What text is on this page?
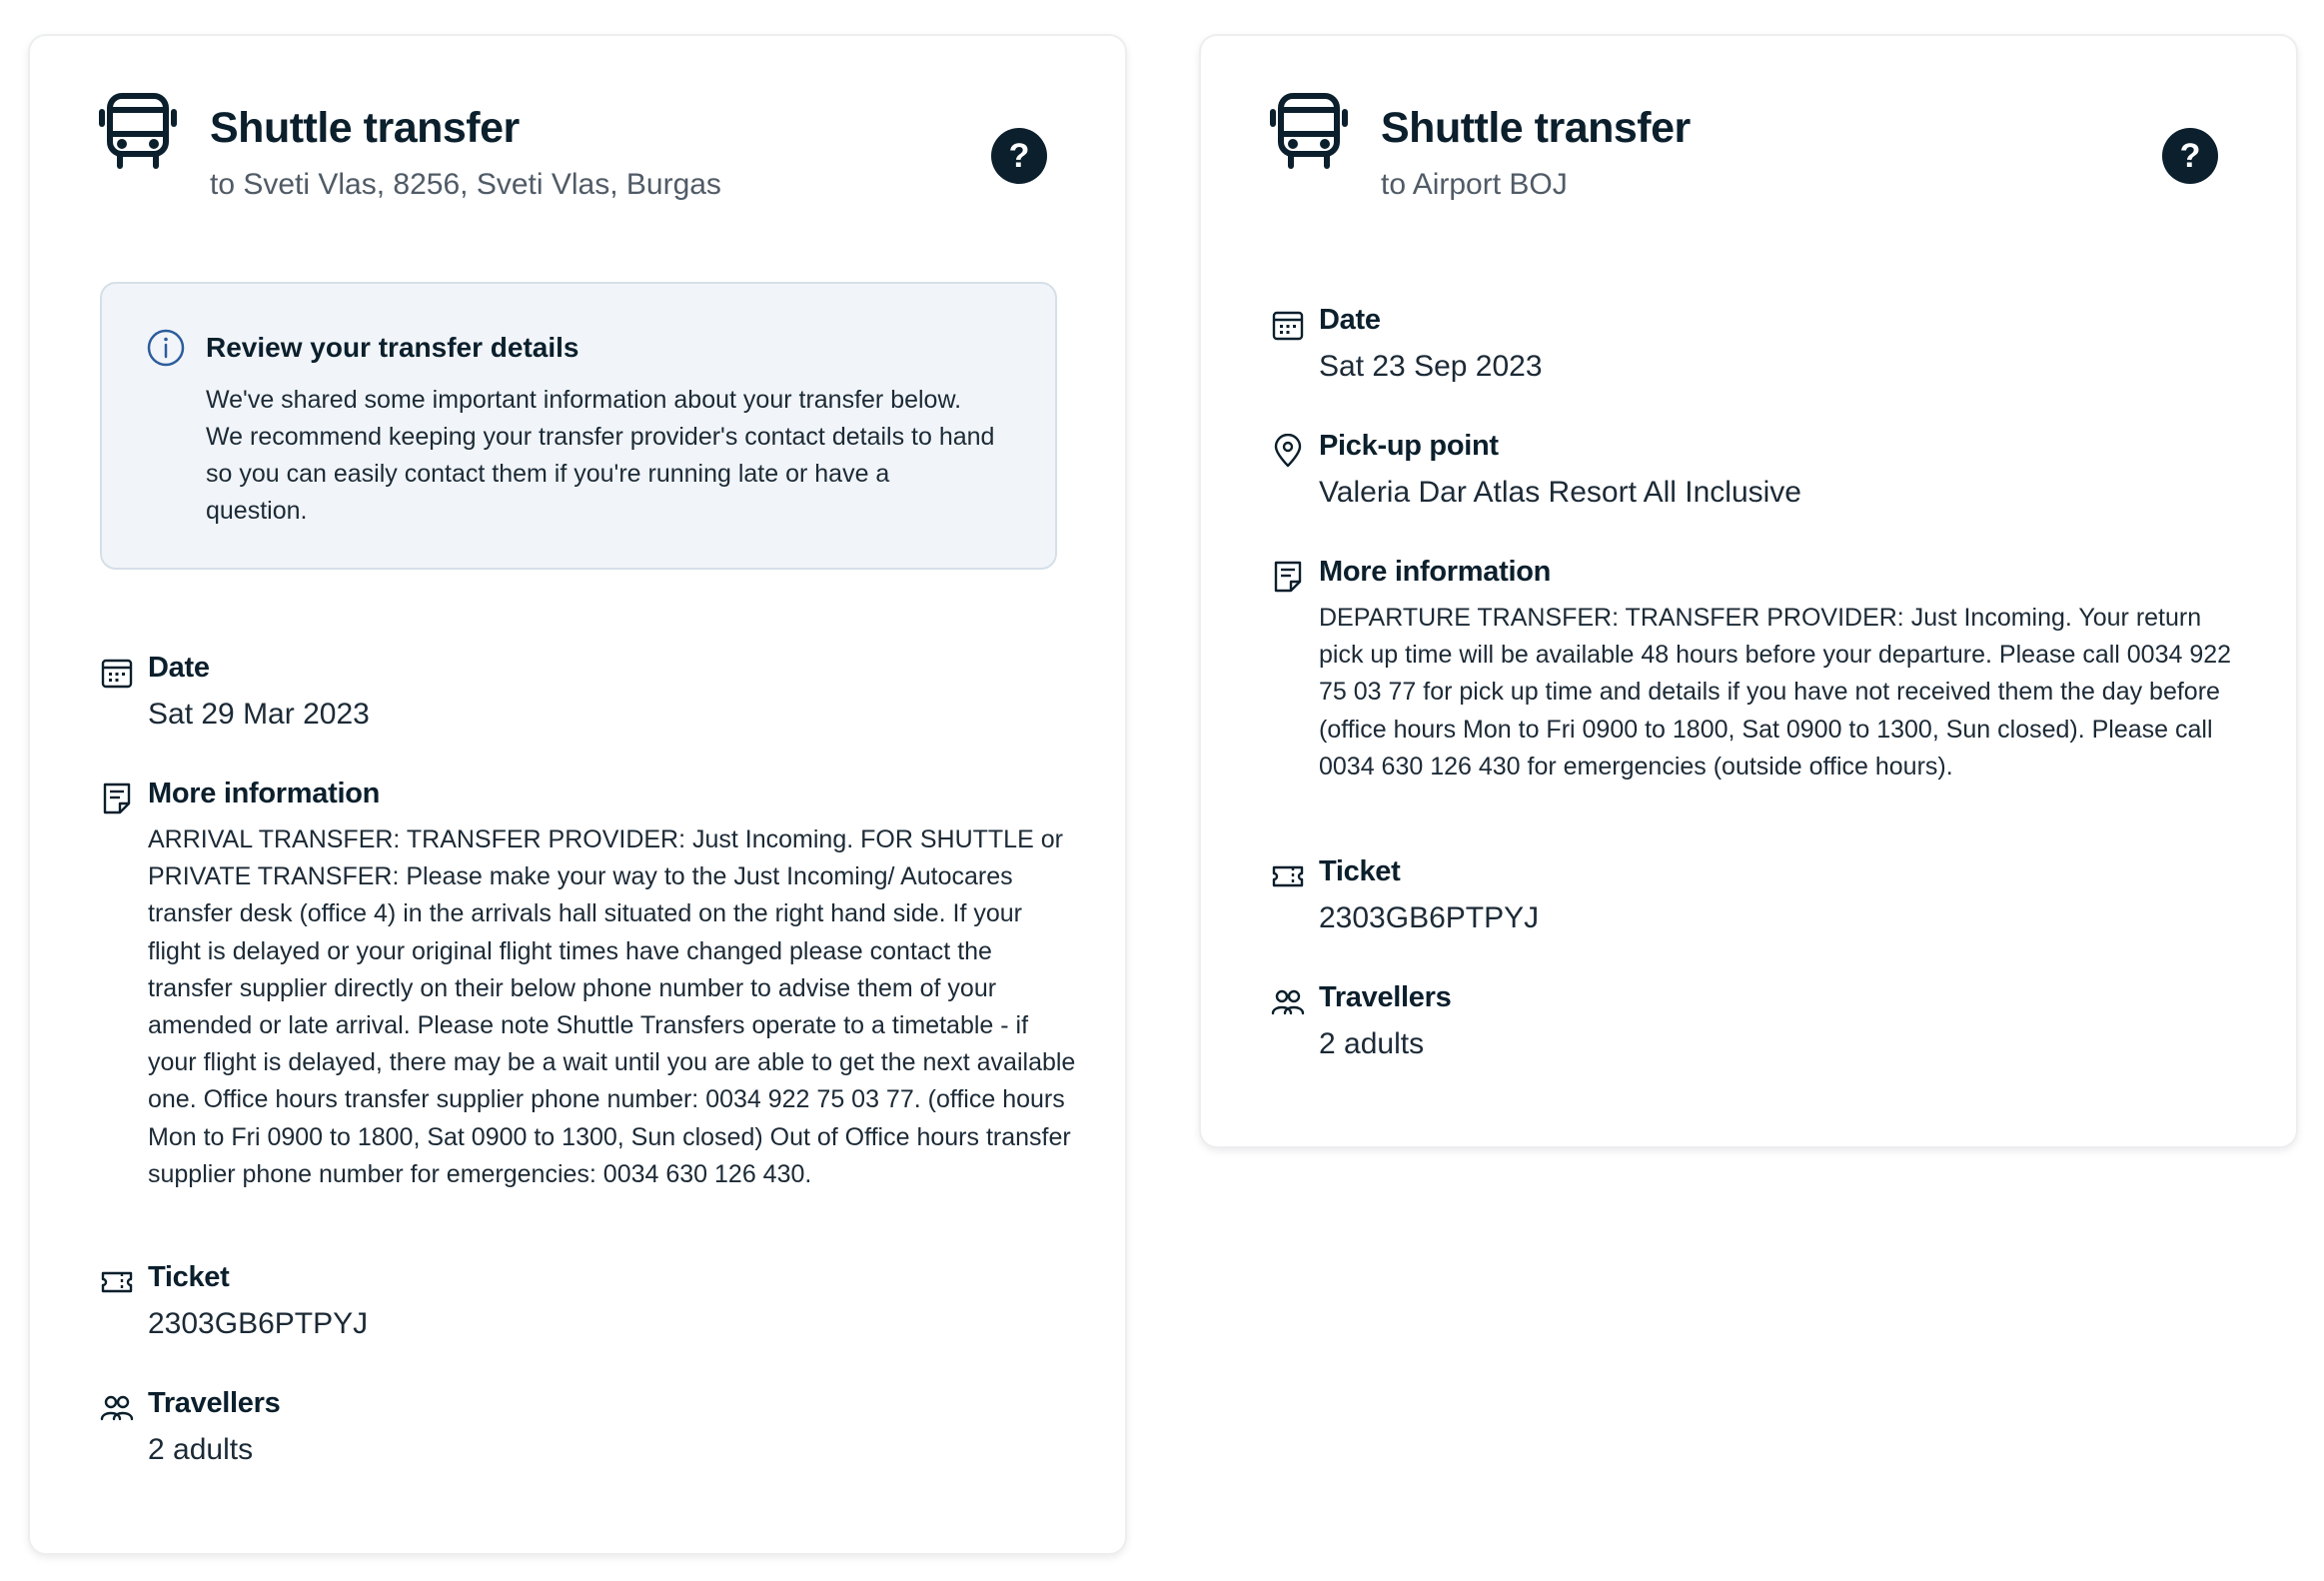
Shuttle transfer
to Sveti Vlas, 8256, Sveti Vlas, Burgas
?
Review your transfer details
We've shared some important information about your transfer below. We recommend keeping your transfer provider's contact details to hand so you can easily contact them if you're running late or have a question.
Date
Sat 29 Mar 2023
More information
ARRIVAL TRANSFER: TRANSFER PROVIDER: Just Incoming. FOR SHUTTLE or PRIVATE TRANSFER: Please make your way to the Just Incoming/ Autocares transfer desk (office 4) in the arrivals hall situated on the right hand side. If your flight is delayed or your original flight times have changed please contact the transfer supplier directly on their below phone number to advise them of your amended or late arrival. Please note Shuttle Transfers operate to a timetable - if your flight is delayed, there may be a wait until you are able to get the next available one. Office hours transfer supplier phone number: 0034 922 75 03 77. (office hours Mon to Fri 0900 to 1800, Sat 0900 to 1300, Sun closed) Out of Office hours transfer supplier phone number for emergencies: 0034 630 126 430.
Ticket
2303GB6PTPYJ
Travellers
2 adults
Shuttle transfer
to Airport BOJ
?
Date
Sat 23 Sep 2023
Pick-up point
Valeria Dar Atlas Resort All Inclusive
More information
DEPARTURE TRANSFER: TRANSFER PROVIDER: Just Incoming. Your return pick up time will be available 48 hours before your departure. Please call 0034 922 75 03 77 for pick up time and details if you have not received them the day before (office hours Mon to Fri 0900 to 1800, Sat 0900 to 1300, Sun closed). Please call 0034 630 126 430 for emergencies (outside office hours).
Ticket
2303GB6PTPYJ
Travellers
2 adults
